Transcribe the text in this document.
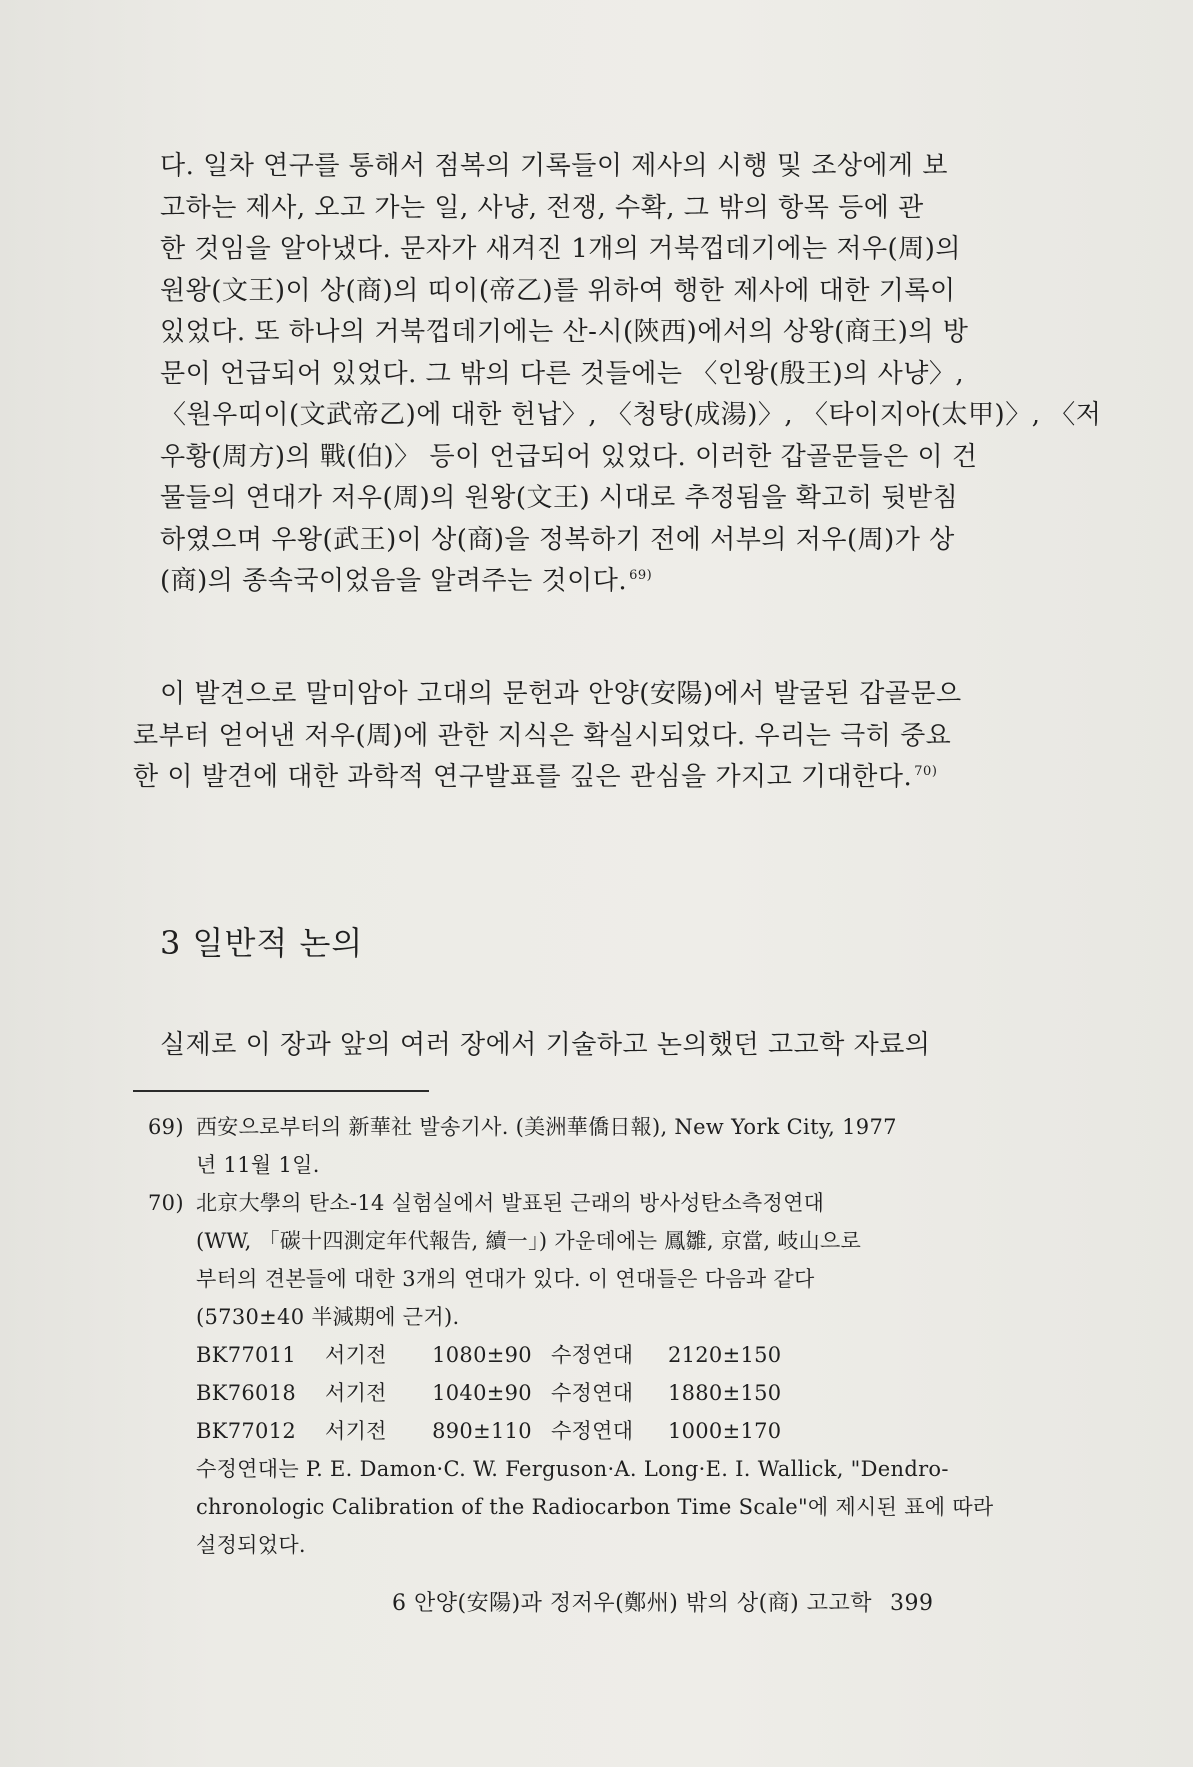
다. 일차 연구를 통해서 점복의 기록들이 제사의 시행 및 조상에게 보
고하는 제사, 오고 가는 일, 사냥, 전쟁, 수확, 그 밖의 항목 등에 관
한 것임을 알아냈다. 문자가 새겨진 1개의 거북껍데기에는 저우(周)의
원왕(文王)이 상(商)의 띠이(帝乙)를 위하여 행한 제사에 대한 기록이
있었다. 또 하나의 거북껍데기에는 산-시(陝西)에서의 상왕(商王)의 방
문이 언급되어 있었다. 그 밖의 다른 것들에는 〈인왕(殷王)의 사냥〉,
〈원우띠이(文武帝乙)에 대한 헌납〉, 〈청탕(成湯)〉, 〈타이지아(太甲)〉, 〈저
우황(周方)의 戰(伯)〉 등이 언급되어 있었다. 이러한 갑골문들은 이 건
물들의 연대가 저우(周)의 원왕(文王) 시대로 추정됨을 확고히 뒷받침
하였으며 우왕(武王)이 상(商)을 정복하기 전에 서부의 저우(周)가 상
(商)의 종속국이었음을 알려주는 것이다. $^{69)}$
이 발견으로 말미암아 고대의 문헌과 안양(安陽)에서 발굴된 갑골문으
로부터 얻어낸 저우(周)에 관한 지식은 확실시되었다. 우리는 극히 중요
한 이 발견에 대한 과학적 연구발표를 깊은 관심을 가지고 기대한다. $^{70)}$
3 일반적 논의
실제로 이 장과 앞의 여러 장에서 기술하고 논의했던 고고학 자료의
69) 西安으로부터의 新華社 발송기사. (美洲華僑日報), New York City, 1977
년 11월 1일.
70) 北京大學의 탄소-14 실험실에서 발표된 근래의 방사성탄소측정연대
(WW, 「碳十四測定年代報告, 續一」) 가운데에는 鳳雛, 京當, 岐山으로
부터의 견본들에 대한 3개의 연대가 있다. 이 연대들은 다음과 같다
(5730±40 半減期에 근거).
BK77011 서기전 1080±90 수정연대 2120±150
BK76018 서기전 1040±90 수정연대 1880±150
BK77012 서기전 890±110 수정연대 1000±170
수정연대는 P. E. Damon·C. W. Ferguson·A. Long·E. I. Wallick, "Dendro-
chronologic Calibration of the Radiocarbon Time Scale"에 제시된 표에 따라
설정되었다.
6 안양(安陽)과 정저우(鄭州) 밖의 상(商) 고고학 399
